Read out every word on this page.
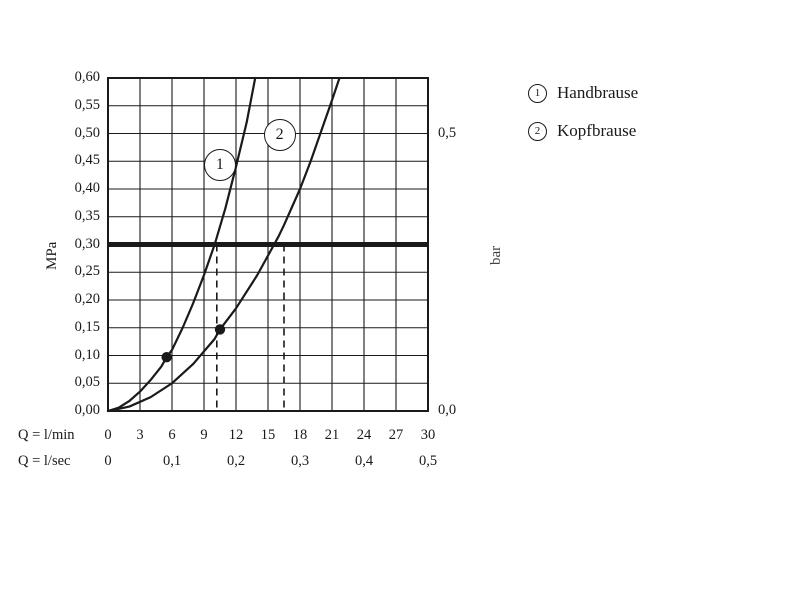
0,60
0,55
0,50
0,45
0,40
0,35
0,30
0,25
0,20
0,15
0,10
0,05
0,00
0,5
0,0
0	3	6	9	12	15	18	21	24	27	30
0	0,1	0,2	0,3	0,4	0,5
MPa	bar
Q = l/min
Q = l/sec
1
2
1 Handbrause
2 Kopfbrause
